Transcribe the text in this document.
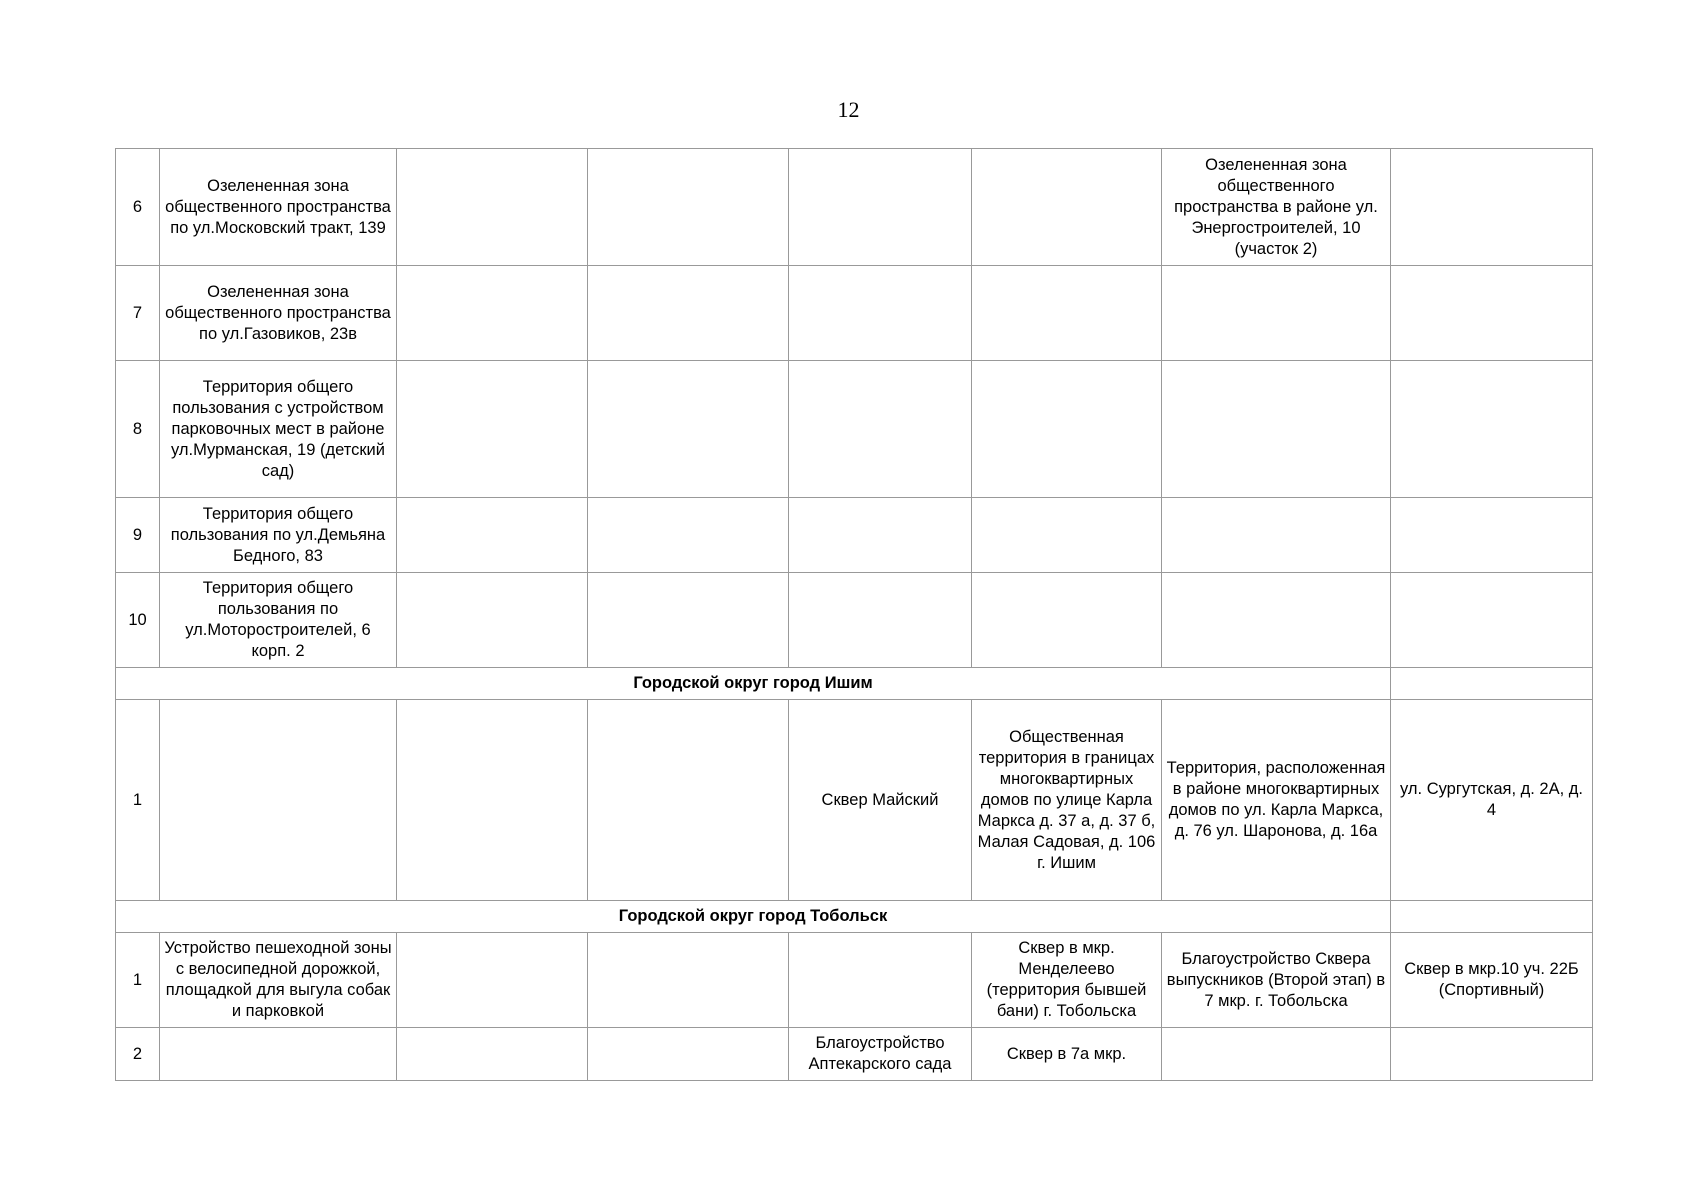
12
6	Озелененная зона общественного пространства по ул.Московский тракт, 139					Озелененная зона общественного пространства в районе ул. Энергостроителей, 10 (участок 2)	
7	Озелененная зона общественного пространства по ул.Газовиков, 23в						
8	Территория общего пользования с устройством парковочных мест в районе ул.Мурманская, 19 (детский сад)						
9	Территория общего пользования по ул.Демьяна Бедного, 83						
10	Территория общего пользования по ул.Моторостроителей, 6 корп. 2						
Городской округ город Ишим							
1				Сквер Майский	Общественная территория в границах многоквартирных домов по улице Карла Маркса д. 37 а, д. 37 б, Малая Садовая, д. 106 г. Ишим	Территория, расположенная в районе многоквартирных домов по ул. Карла Маркса, д. 76 ул. Шаронова, д. 16а	ул. Сургутская, д. 2А, д. 4
Городской округ город Тобольск							
1	Устройство пешеходной зоны с велосипедной дорожкой, площадкой для выгула собак и парковкой				Сквер в мкр. Менделеево (территория бывшей бани) г. Тобольска	Благоустройство Сквера выпускников (Второй этап) в 7 мкр. г. Тобольска	Сквер в мкр.10 уч. 22Б (Спортивный)
2				Благоустройство Аптекарского сада	Сквер в 7а мкр.		
